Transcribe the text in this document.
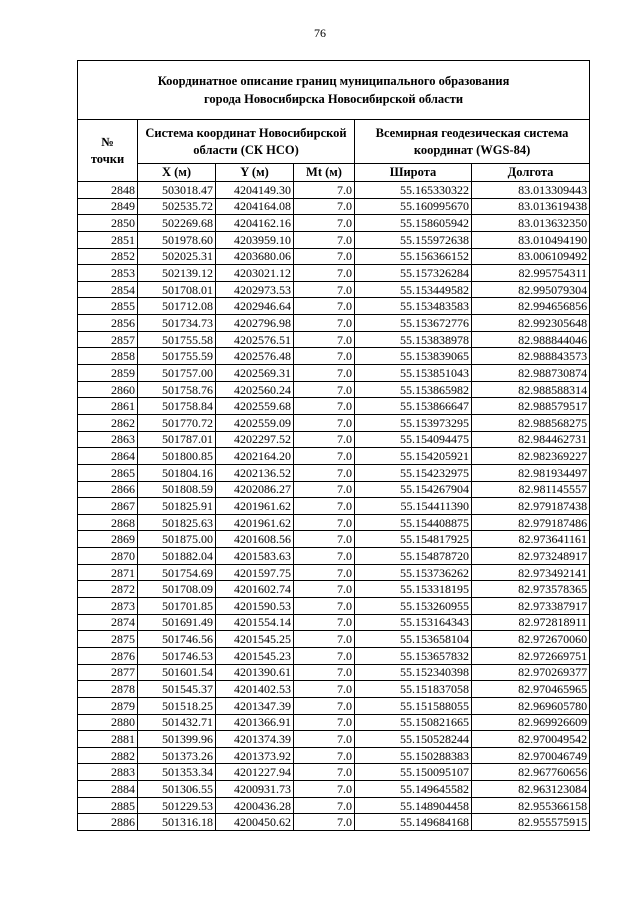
76
Координатное описание границ муниципального образования
города Новосибирска Новосибирской области					

№
точки	Система координат Новосибирской области (СК НСО)			Всемирная геодезическая система координат (WGS-84)	
	X (м)	Y (м)	Mt (м)	Широта	Долгота
2848	503018.47	4204149.30	7.0	55.165330322	83.013309443
2849	502535.72	4204164.08	7.0	55.160995670	83.013619438
2850	502269.68	4204162.16	7.0	55.158605942	83.013632350
2851	501978.60	4203959.10	7.0	55.155972638	83.010494190
2852	502025.31	4203680.06	7.0	55.156366152	83.006109492
2853	502139.12	4203021.12	7.0	55.157326284	82.995754311
2854	501708.01	4202973.53	7.0	55.153449582	82.995079304
2855	501712.08	4202946.64	7.0	55.153483583	82.994656856
2856	501734.73	4202796.98	7.0	55.153672776	82.992305648
2857	501755.58	4202576.51	7.0	55.153838978	82.988844046
2858	501755.59	4202576.48	7.0	55.153839065	82.988843573
2859	501757.00	4202569.31	7.0	55.153851043	82.988730874
2860	501758.76	4202560.24	7.0	55.153865982	82.988588314
2861	501758.84	4202559.68	7.0	55.153866647	82.988579517
2862	501770.72	4202559.09	7.0	55.153973295	82.988568275
2863	501787.01	4202297.52	7.0	55.154094475	82.984462731
2864	501800.85	4202164.20	7.0	55.154205921	82.982369227
2865	501804.16	4202136.52	7.0	55.154232975	82.981934497
2866	501808.59	4202086.27	7.0	55.154267904	82.981145557
2867	501825.91	4201961.62	7.0	55.154411390	82.979187438
2868	501825.63	4201961.62	7.0	55.154408875	82.979187486
2869	501875.00	4201608.56	7.0	55.154817925	82.973641161
2870	501882.04	4201583.63	7.0	55.154878720	82.973248917
2871	501754.69	4201597.75	7.0	55.153736262	82.973492141
2872	501708.09	4201602.74	7.0	55.153318195	82.973578365
2873	501701.85	4201590.53	7.0	55.153260955	82.973387917
2874	501691.49	4201554.14	7.0	55.153164343	82.972818911
2875	501746.56	4201545.25	7.0	55.153658104	82.972670060
2876	501746.53	4201545.23	7.0	55.153657832	82.972669751
2877	501601.54	4201390.61	7.0	55.152340398	82.970269377
2878	501545.37	4201402.53	7.0	55.151837058	82.970465965
2879	501518.25	4201347.39	7.0	55.151588055	82.969605780
2880	501432.71	4201366.91	7.0	55.150821665	82.969926609
2881	501399.96	4201374.39	7.0	55.150528244	82.970049542
2882	501373.26	4201373.92	7.0	55.150288383	82.970046749
2883	501353.34	4201227.94	7.0	55.150095107	82.967760656
2884	501306.55	4200931.73	7.0	55.149645582	82.963123084
2885	501229.53	4200436.28	7.0	55.148904458	82.955366158
2886	501316.18	4200450.62	7.0	55.149684168	82.955575915
